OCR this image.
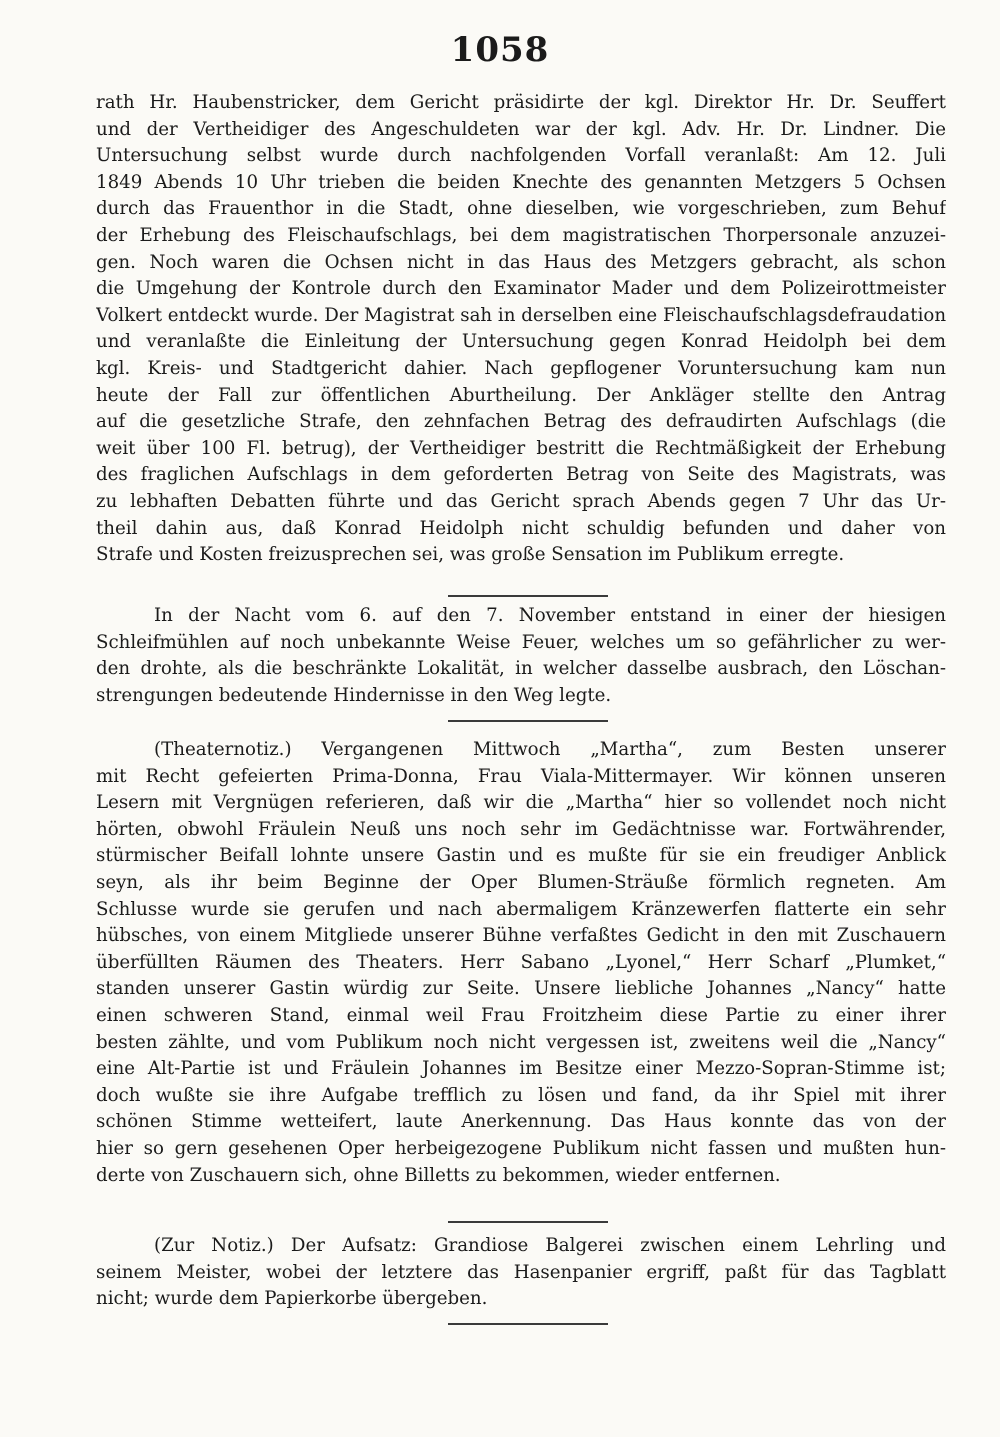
1058
rath Hr. Haubenstricker, dem Gericht präsidirte der kgl. Direktor Hr. Dr. Seuffert
und der Vertheidiger des Angeschuldeten war der kgl. Adv. Hr. Dr. Lindner. Die
Untersuchung selbst wurde durch nachfolgenden Vorfall veranlaßt: Am 12. Juli
1849 Abends 10 Uhr trieben die beiden Knechte des genannten Metzgers 5 Ochsen
durch das Frauenthor in die Stadt, ohne dieselben, wie vorgeschrieben, zum Behuf
der Erhebung des Fleischaufschlags, bei dem magistratischen Thorpersonale anzuzei-
gen. Noch waren die Ochsen nicht in das Haus des Metzgers gebracht, als schon
die Umgehung der Kontrole durch den Examinator Mader und dem Polizeirottmeister
Volkert entdeckt wurde. Der Magistrat sah in derselben eine Fleischaufschlagsdefraudation
und veranlaßte die Einleitung der Untersuchung gegen Konrad Heidolph bei dem
kgl. Kreis- und Stadtgericht dahier. Nach gepflogener Voruntersuchung kam nun
heute der Fall zur öffentlichen Aburtheilung. Der Ankläger stellte den Antrag
auf die gesetzliche Strafe, den zehnfachen Betrag des defraudirten Aufschlags (die
weit über 100 Fl. betrug), der Vertheidiger bestritt die Rechtmäßigkeit der Erhebung
des fraglichen Aufschlags in dem geforderten Betrag von Seite des Magistrats, was
zu lebhaften Debatten führte und das Gericht sprach Abends gegen 7 Uhr das Ur-
theil dahin aus, daß Konrad Heidolph nicht schuldig befunden und daher von
Strafe und Kosten freizusprechen sei, was große Sensation im Publikum erregte.
In der Nacht vom 6. auf den 7. November entstand in einer der hiesigen
Schleifmühlen auf noch unbekannte Weise Feuer, welches um so gefährlicher zu wer-
den drohte, als die beschränkte Lokalität, in welcher dasselbe ausbrach, den Löschan-
strengungen bedeutende Hindernisse in den Weg legte.
(Theaternotiz.) Vergangenen Mittwoch „Martha“, zum Besten unserer
mit Recht gefeierten Prima-Donna, Frau Viala-Mittermayer. Wir können unseren
Lesern mit Vergnügen referieren, daß wir die „Martha“ hier so vollendet noch nicht
hörten, obwohl Fräulein Neuß uns noch sehr im Gedächtnisse war. Fortwährender,
stürmischer Beifall lohnte unsere Gastin und es mußte für sie ein freudiger Anblick
seyn, als ihr beim Beginne der Oper Blumen-Sträuße förmlich regneten. Am
Schlusse wurde sie gerufen und nach abermaligem Kränzewerfen flatterte ein sehr
hübsches, von einem Mitgliede unserer Bühne verfaßtes Gedicht in den mit Zuschauern
überfüllten Räumen des Theaters. Herr Sabano „Lyonel,“ Herr Scharf „Plumket,“
standen unserer Gastin würdig zur Seite. Unsere liebliche Johannes „Nancy“ hatte
einen schweren Stand, einmal weil Frau Froitzheim diese Partie zu einer ihrer
besten zählte, und vom Publikum noch nicht vergessen ist, zweitens weil die „Nancy“
eine Alt-Partie ist und Fräulein Johannes im Besitze einer Mezzo-Sopran-Stimme ist;
doch wußte sie ihre Aufgabe trefflich zu lösen und fand, da ihr Spiel mit ihrer
schönen Stimme wetteifert, laute Anerkennung. Das Haus konnte das von der
hier so gern gesehenen Oper herbeigezogene Publikum nicht fassen und mußten hun-
derte von Zuschauern sich, ohne Billetts zu bekommen, wieder entfernen.
(Zur Notiz.) Der Aufsatz: Grandiose Balgerei zwischen einem Lehrling und
seinem Meister, wobei der letztere das Hasenpanier ergriff, paßt für das Tagblatt
nicht; wurde dem Papierkorbe übergeben.
